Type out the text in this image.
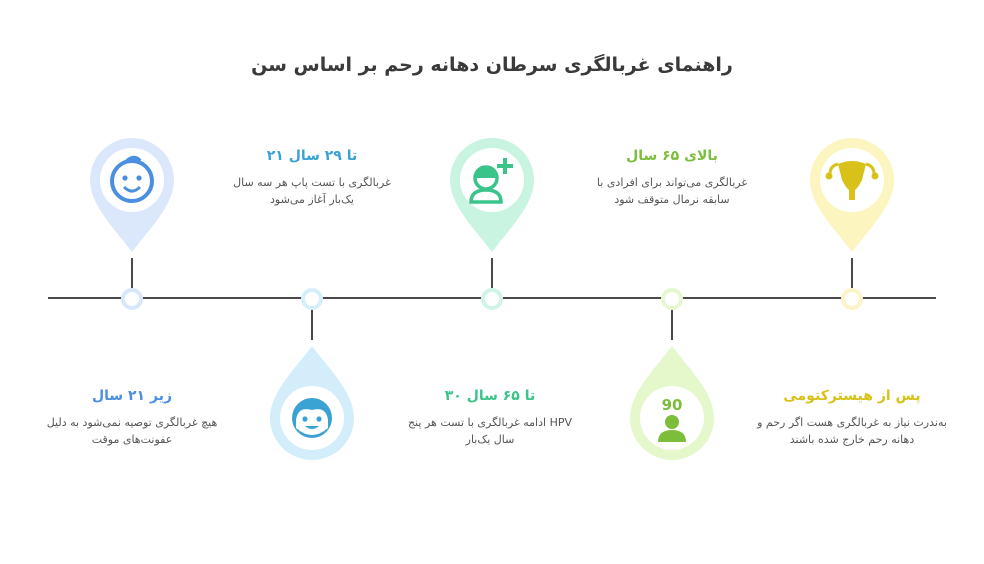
راهنمای غربالگری سرطان دهانه رحم بر اساس سن
90
زیر ۲۱ سال
هیچ غربالگری توصیه نمی‌شود به دلیل عفونت‌های موقت
تا ۲۹ سال ۲۱
غربالگری با تست پاپ هر سه سال یک‌بار آغاز می‌شود
تا ۶۵ سال ۳۰
HPV ادامه غربالگری با تست هر پنج سال یک‌بار
بالای ۶۵ سال
غربالگری می‌تواند برای افرادی با سابقه نرمال متوقف شود
پس از هیسترکتومی
به‌ندرت نیاز به غربالگری هست اگر رحم و دهانه رحم خارج شده باشند
